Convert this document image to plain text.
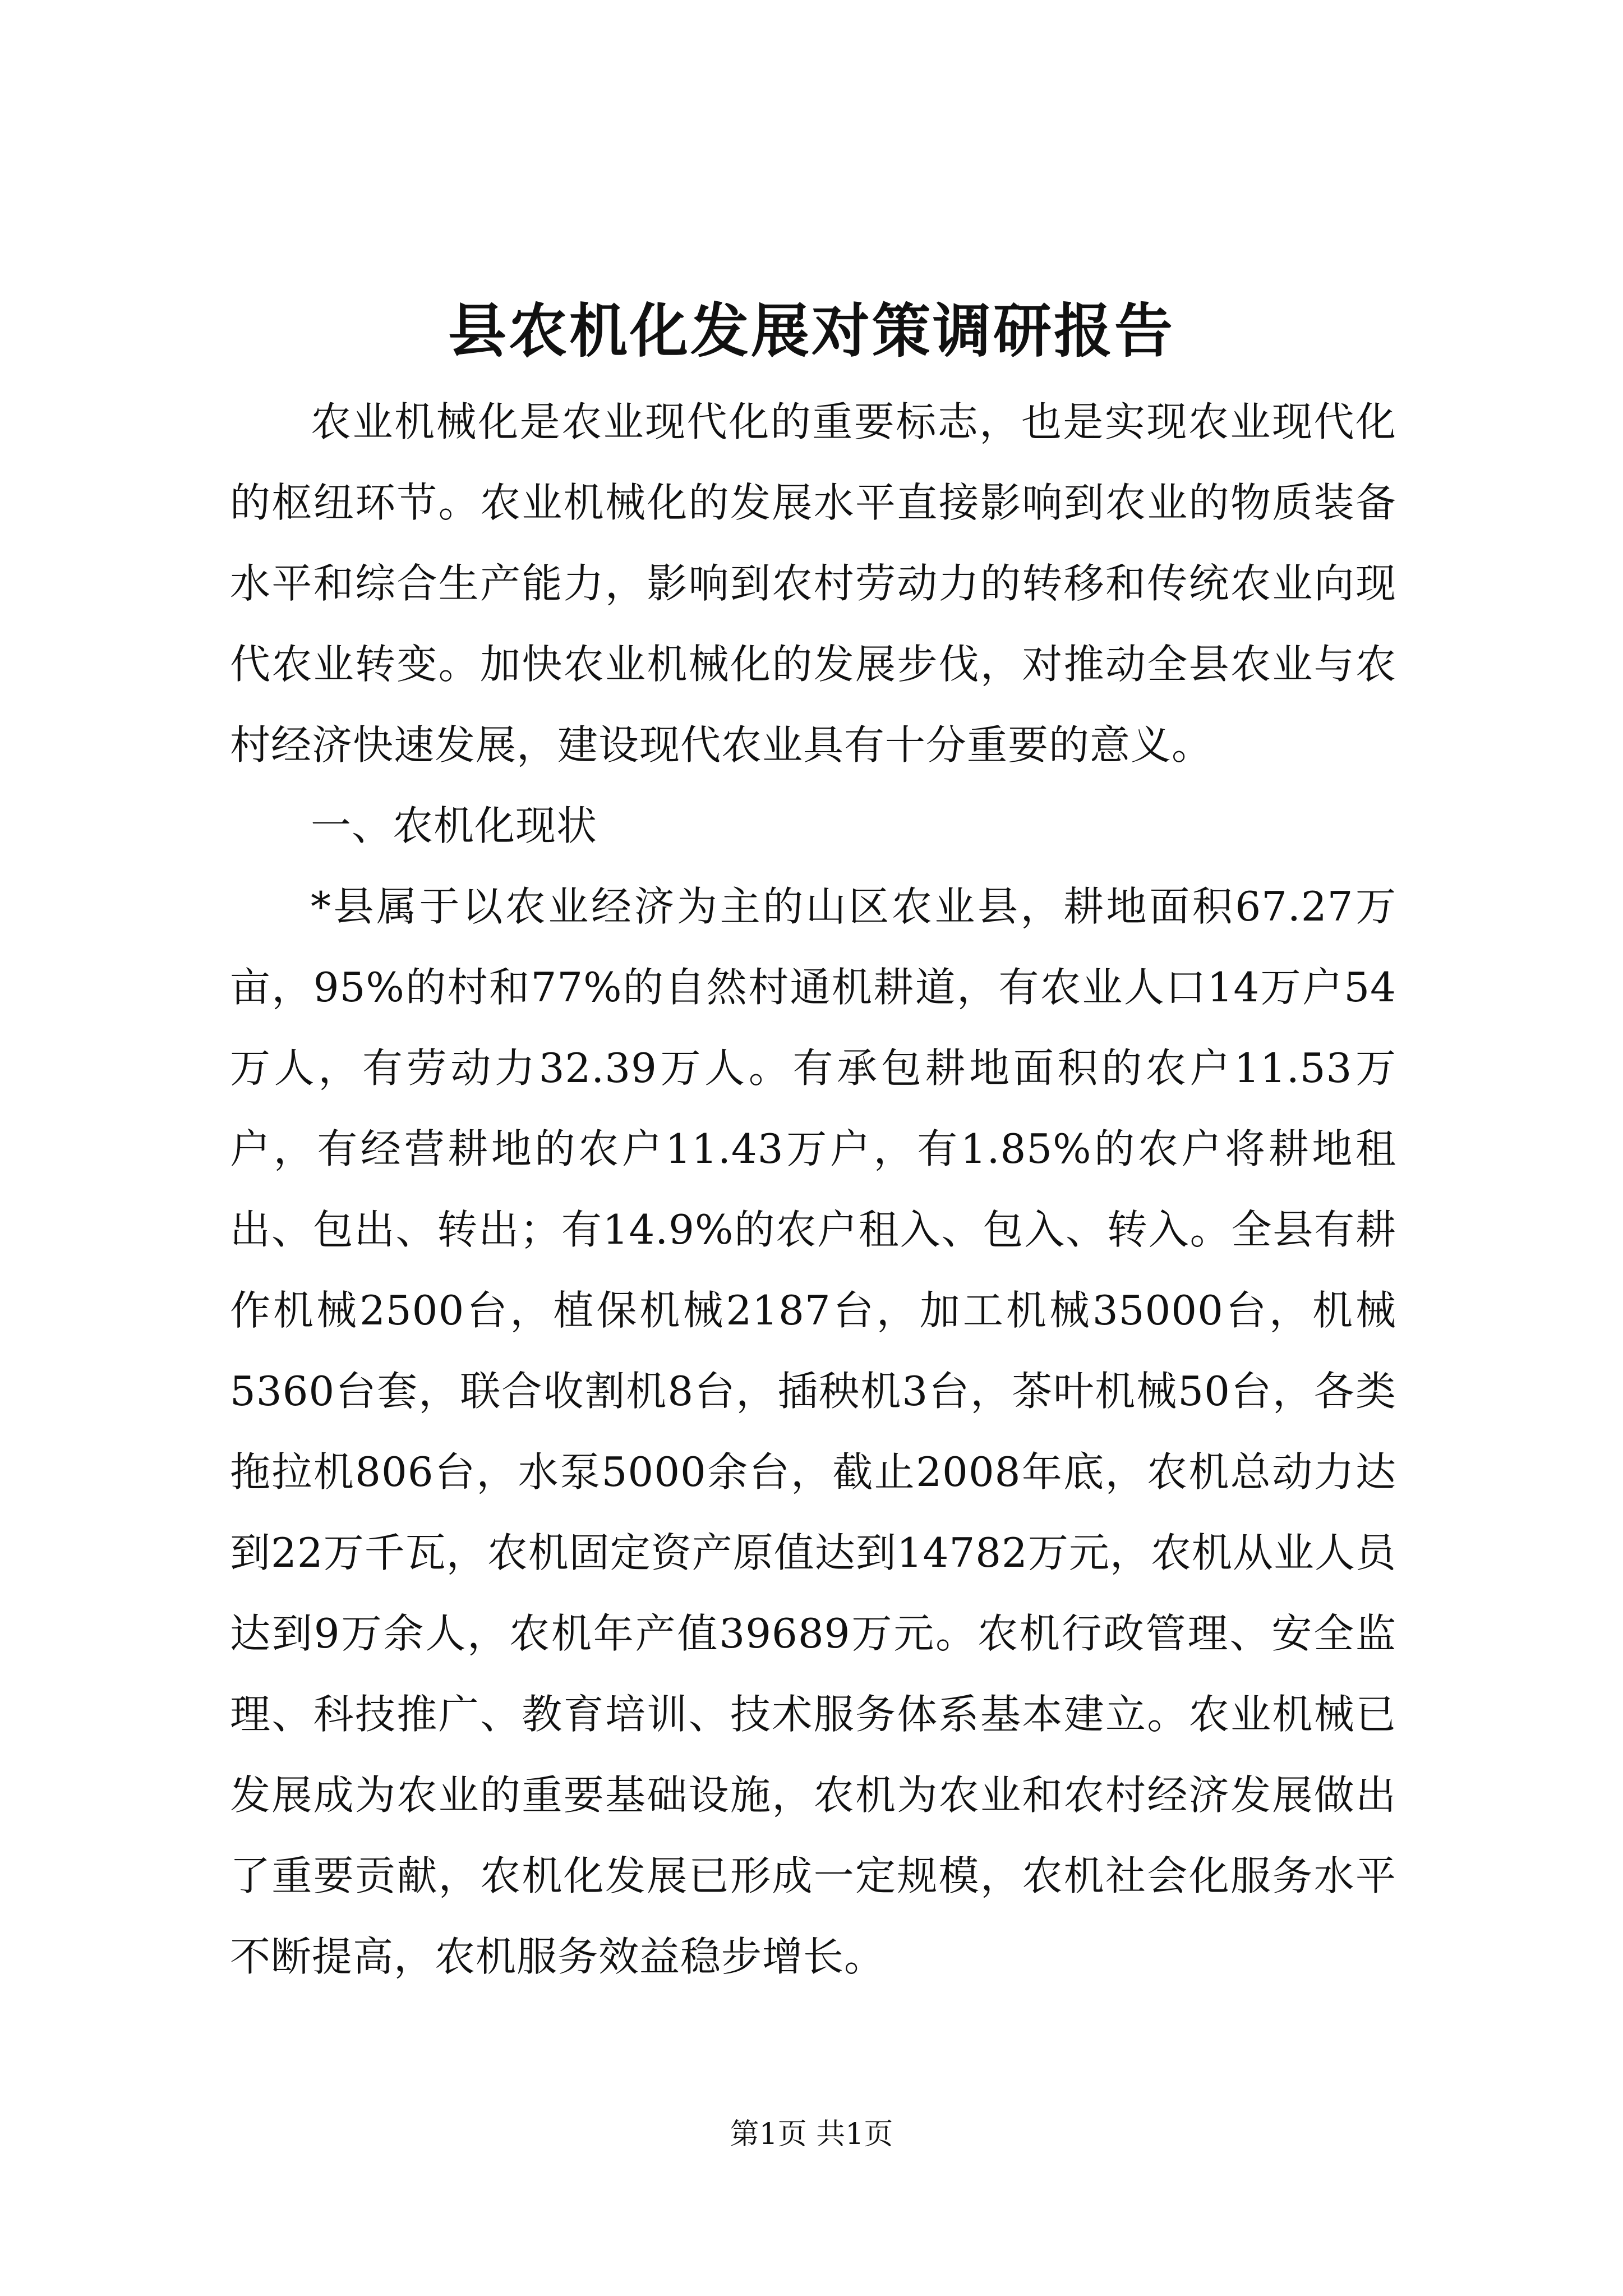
县农机化发展对策调研报告

农业机械化是农业现代化的重要标志，也是实现农业现代化的枢纽环节。农业机械化的发展水平直接影响到农业的物质装备水平和综合生产能力，影响到农村劳动力的转移和传统农业向现代农业转变。加快农业机械化的发展步伐，对推动全县农业与农村经济快速发展，建设现代农业具有十分重要的意义。

一、农机化现状

*县属于以农业经济为主的山区农业县，耕地面积67.27万亩，95%的村和77%的自然村通机耕道，有农业人口14万户54万人，有劳动力32.39万人。有承包耕地面积的农户11.53万户，有经营耕地的农户11.43万户，有1.85%的农户将耕地租出、包出、转出；有14.9%的农户租入、包入、转入。全县有耕作机械2500台，植保机械2187台，加工机械35000台，机械5360台套，联合收割机8台，插秧机3台，茶叶机械50台，各类拖拉机806台，水泵5000余台，截止2008年底，农机总动力达到22万千瓦，农机固定资产原值达到14782万元，农机从业人员达到9万余人，农机年产值39689万元。农机行政管理、安全监理、科技推广、教育培训、技术服务体系基本建立。农业机械已发展成为农业的重要基础设施，农机为农业和农村经济发展做出了重要贡献，农机化发展已形成一定规模，农机社会化服务水平不断提高，农机服务效益稳步增长。

第1页 共1页
